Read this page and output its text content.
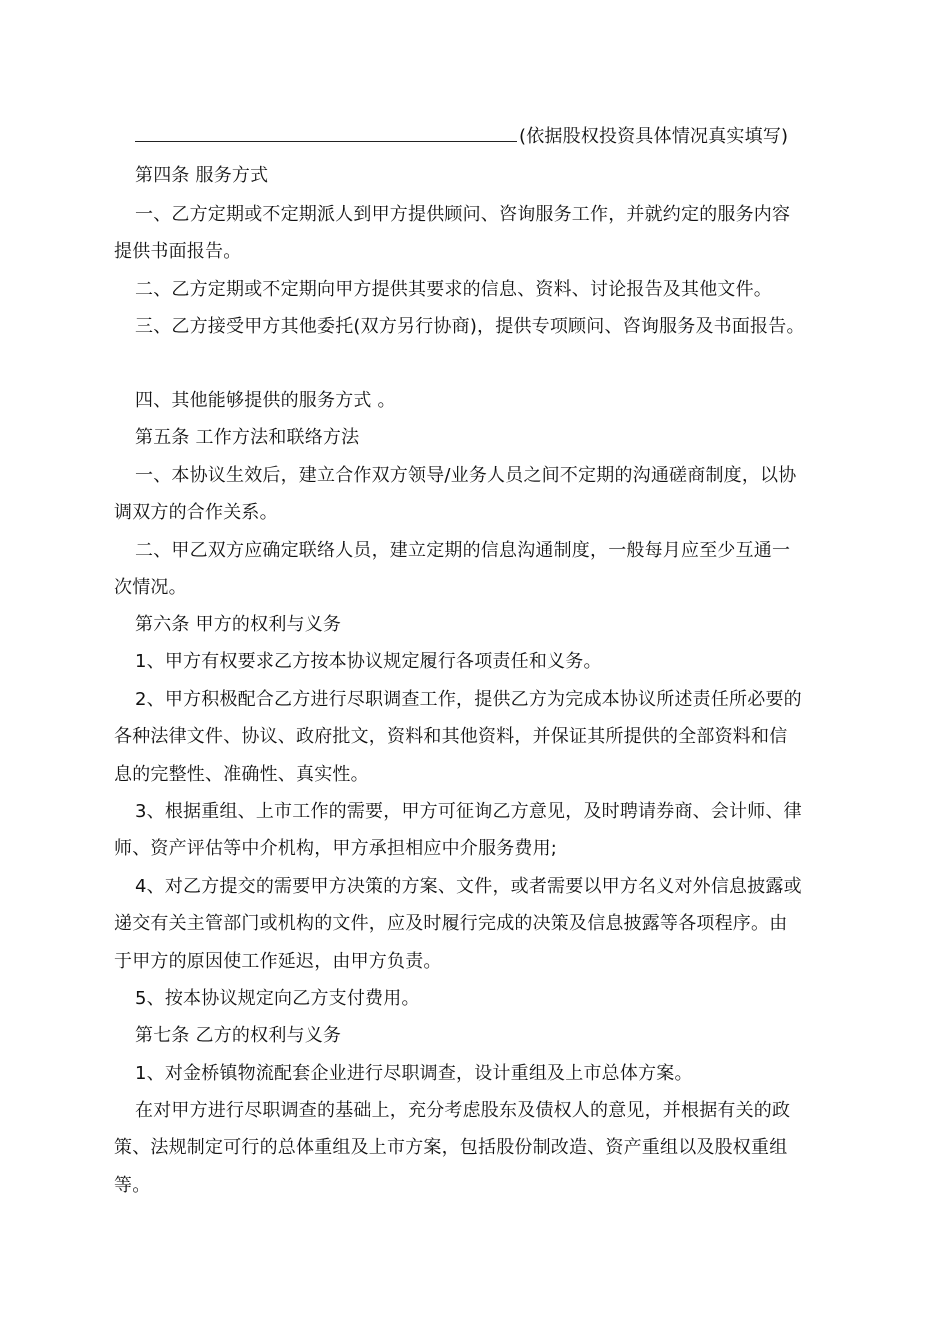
(依据股权投资具体情况真实填写)
第四条 服务方式
一、乙方定期或不定期派人到甲方提供顾问、咨询服务工作，并就约定的服务内容
提供书面报告。
二、乙方定期或不定期向甲方提供其要求的信息、资料、讨论报告及其他文件。
三、乙方接受甲方其他委托(双方另行协商)，提供专项顾问、咨询服务及书面报告。
四、其他能够提供的服务方式 。
第五条 工作方法和联络方法
一、本协议生效后，建立合作双方领导/业务人员之间不定期的沟通磋商制度，以协
调双方的合作关系。
二、甲乙双方应确定联络人员，建立定期的信息沟通制度，一般每月应至少互通一
次情况。
第六条 甲方的权利与义务
1、甲方有权要求乙方按本协议规定履行各项责任和义务。
2、甲方积极配合乙方进行尽职调查工作，提供乙方为完成本协议所述责任所必要的
各种法律文件、协议、政府批文，资料和其他资料，并保证其所提供的全部资料和信
息的完整性、准确性、真实性。
3、根据重组、上市工作的需要，甲方可征询乙方意见，及时聘请券商、会计师、律
师、资产评估等中介机构，甲方承担相应中介服务费用;
4、对乙方提交的需要甲方决策的方案、文件，或者需要以甲方名义对外信息披露或
递交有关主管部门或机构的文件，应及时履行完成的决策及信息披露等各项程序。由
于甲方的原因使工作延迟，由甲方负责。
5、按本协议规定向乙方支付费用。
第七条 乙方的权利与义务
1、对金桥镇物流配套企业进行尽职调查，设计重组及上市总体方案。
在对甲方进行尽职调查的基础上，充分考虑股东及债权人的意见，并根据有关的政
策、法规制定可行的总体重组及上市方案，包括股份制改造、资产重组以及股权重组
等。
